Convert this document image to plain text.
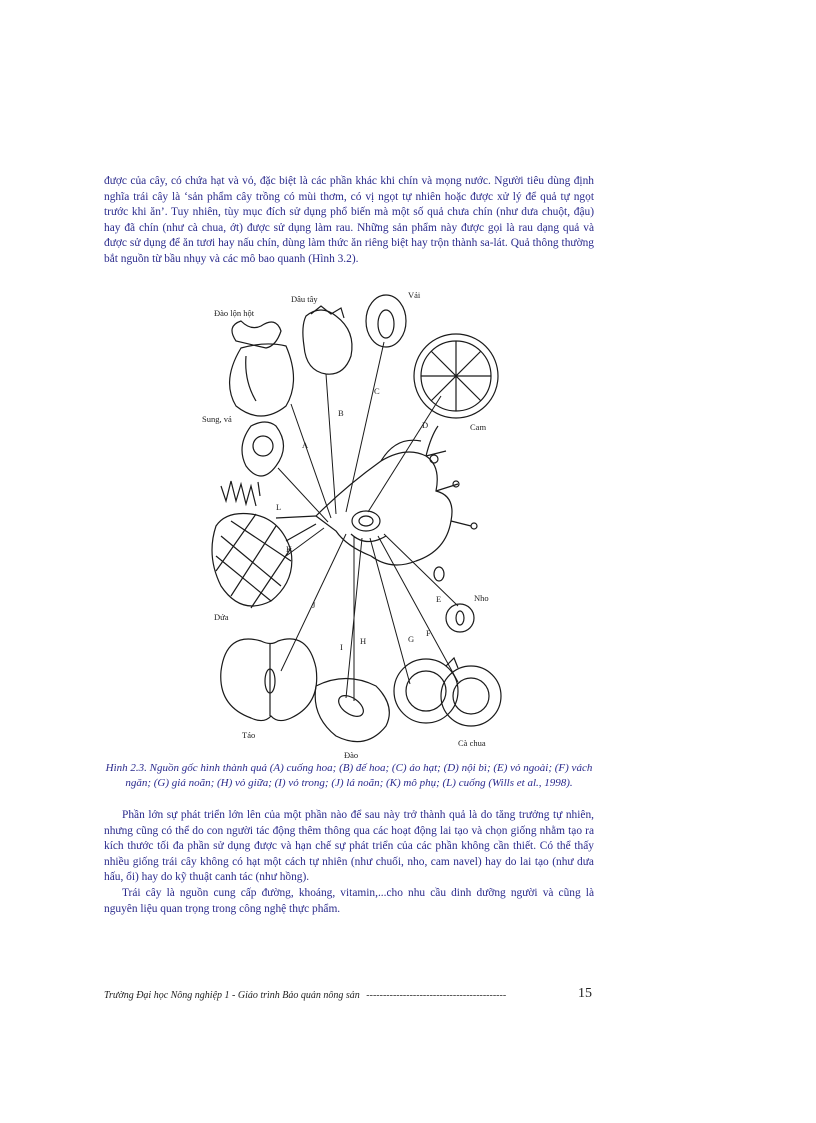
được của cây, có chứa hạt và vỏ, đặc biệt là các phần khác khi chín và mọng nước. Người tiêu dùng định nghĩa trái cây là ‘sản phẩm cây trồng có mùi thơm, có vị ngọt tự nhiên hoặc được xử lý để quả tự ngọt trước khi ăn’. Tuy nhiên, tùy mục đích sử dụng phổ biến mà một số quả chưa chín (như dưa chuột, đậu) hay đã chín (như cà chua, ớt) được sử dụng làm rau. Những sản phẩm này được gọi là rau dạng quả và được sử dụng để ăn tươi hay nấu chín, dùng làm thức ăn riêng biệt hay trộn thành sa-lát. Quả thông thường bắt nguồn từ bầu nhụy và các mô bao quanh (Hình 3.2).

Đào lộn hột
Dâu tây	Vải
Cam
Sung, vả
Dứa
Nho
Táo
Đào
Cà chua
A
B
C
D
E
F
G
H
I
J
K
L
Hình 2.3. Nguồn gốc hình thành quả (A) cuống hoa; (B) đế hoa; (C) áo hạt; (D) nội bì; (E) vỏ ngoài; (F) vách ngăn; (G) giá noãn; (H) vỏ giữa; (I) vỏ trong; (J) lá noãn; (K) mô phụ; (L) cuống (Wills et al., 1998).

Phần lớn sự phát triển lớn lên của một phần nào để sau này trở thành quả là do tăng trưởng tự nhiên, nhưng cũng có thể do con người tác động thêm thông qua các hoạt động lai tạo và chọn giống nhằm tạo ra kích thước tối đa phần sử dụng được và hạn chế sự phát triển của các phần không cần thiết. Có thể thấy nhiều giống trái cây không có hạt một cách tự nhiên (như chuối, nho, cam navel) hay do lai tạo (như dưa hấu, ổi) hay do kỹ thuật canh tác (như hồng).

Trái cây là nguồn cung cấp đường, khoáng, vitamin,...cho nhu cầu dinh dưỡng người và cũng là nguyên liệu quan trọng trong công nghệ thực phẩm.

Trường Đại học Nông nghiệp 1 - Giáo trình Bảo quản nông sản ------------------------------------------	15
